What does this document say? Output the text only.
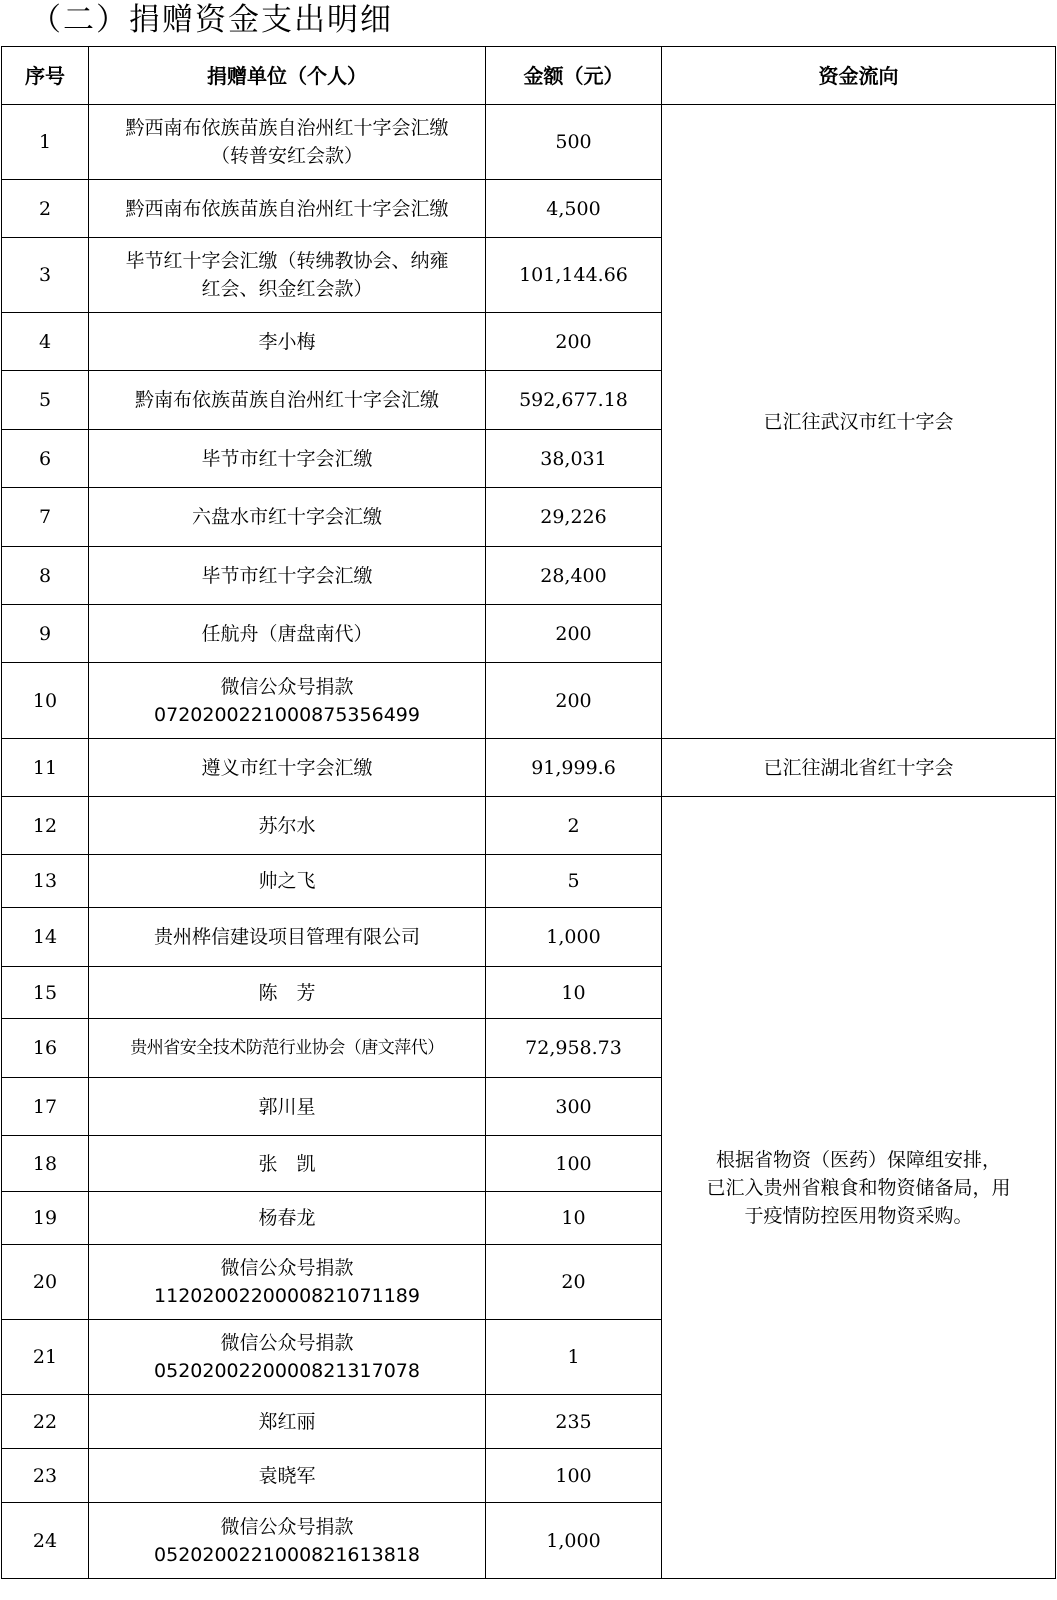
（二）捐赠资金支出明细
序号	捐赠单位（个人）	金额（元）	资金流向
1	黔西南布依族苗族自治州红十字会汇缴
（转普安红会款）	500	已汇往武汉市红十字会
2	黔西南布依族苗族自治州红十字会汇缴	4,500	
3	毕节红十字会汇缴（转绋教协会、纳雍
红会、织金红会款）	101,144.66	
4	李小梅	200	
5	黔南布依族苗族自治州红十字会汇缴	592,677.18	
6	毕节市红十字会汇缴	38,031	
7	六盘水市红十字会汇缴	29,226	
8	毕节市红十字会汇缴	28,400	
9	任航舟（唐盘南代）	200	
10	微信公众号捐款
072020022100087535649​9	200	
11	遵义市红十字会汇缴	91,999.6	已汇往湖北省红十字会
12	苏尔水	2	根据省物资（医药）保障组安排，
已汇入贵州省粮食和物资储备局，用
于疫情防控医用物资采购。

13	帅之飞	5	
14	贵州桦信建设项目管理有限公司	1,000	
15	陈　芳	10	
16	贵州省安全技术防范行业协会（唐文萍代）	72,958.73	
17	郭川星	300	
18	张　凯	100	
19	杨春龙	10	
20	微信公众号捐款
1120200220000821071189	20	
21	微信公众号捐款
0520200220000821317078	1	
22	郑红丽	235	
23	袁晓军	100	
24	微信公众号捐款
0520200221000821613818	1,000	
